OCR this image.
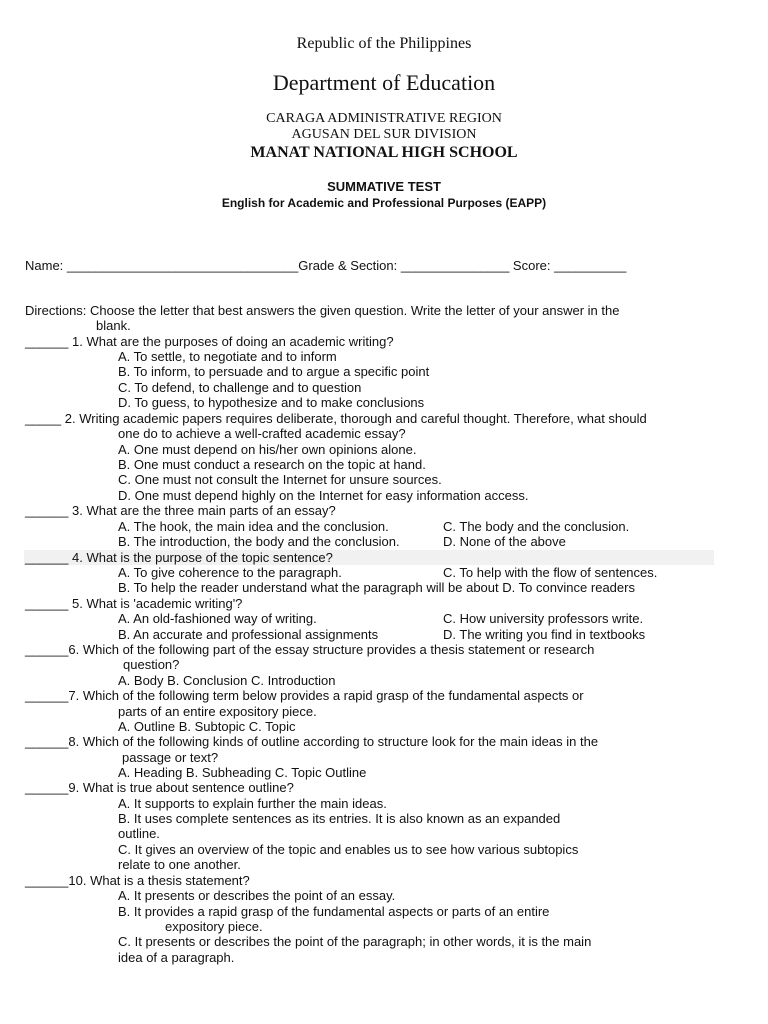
Republic of the Philippines
Department of Education
CARAGA ADMINISTRATIVE REGION
AGUSAN DEL SUR DIVISION
MANAT NATIONAL HIGH SCHOOL
SUMMATIVE TEST
English for Academic and Professional Purposes (EAPP)
Name: ________________________________Grade & Section: _______________ Score: __________
Directions: Choose the letter that best answers the given question. Write the letter of your answer in the
blank.
______ 1. What are the purposes of doing an academic writing?
A. To settle, to negotiate and to inform
B. To inform, to persuade and to argue a specific point
C. To defend, to challenge and to question
D. To guess, to hypothesize and to make conclusions
_____ 2. Writing academic papers requires deliberate, thorough and careful thought. Therefore, what should
one do to achieve a well-crafted academic essay?
A. One must depend on his/her own opinions alone.
B. One must conduct a research on the topic at hand.
C. One must not consult the Internet for unsure sources.
D. One must depend highly on the Internet for easy information access.
______ 3. What are the three main parts of an essay?
A. The hook, the main idea and the conclusion.	C. The body and the conclusion.
B. The introduction, the body and the conclusion.	D. None of the above
______ 4. What is the purpose of the topic sentence?
A. To give coherence to the paragraph.	C. To help with the flow of sentences.
B. To help the reader understand what the paragraph will be about D. To convince readers
______ 5. What is 'academic writing'?
A. An old-fashioned way of writing.	C. How university professors write.
B. An accurate and professional assignments	D. The writing you find in textbooks
______6. Which of the following part of the essay structure provides a thesis statement or research
question?
A. Body B. Conclusion C. Introduction
______7. Which of the following term below provides a rapid grasp of the fundamental aspects or
parts of an entire expository piece.
A. Outline B. Subtopic C. Topic
______8. Which of the following kinds of outline according to structure look for the main ideas in the
passage or text?
A. Heading B. Subheading C. Topic Outline
______9. What is true about sentence outline?
A. It supports to explain further the main ideas.
B. It uses complete sentences as its entries. It is also known as an expanded
outline.
C. It gives an overview of the topic and enables us to see how various subtopics
relate to one another.
______10. What is a thesis statement?
A. It presents or describes the point of an essay.
B. It provides a rapid grasp of the fundamental aspects or parts of an entire
expository piece.
C. It presents or describes the point of the paragraph; in other words, it is the main
idea of a paragraph.
